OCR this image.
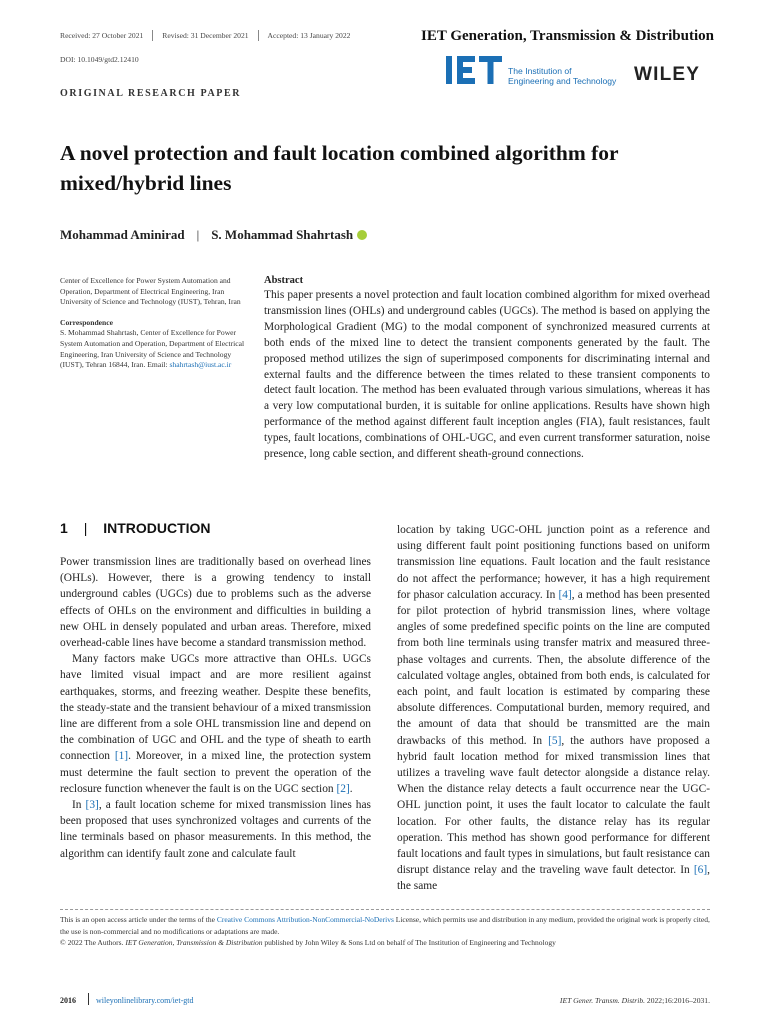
Received: 27 October 2021	Revised: 31 December 2021	Accepted: 13 January 2022	IET Generation, Transmission & Distribution
DOI: 10.1049/gtd2.12410
The Institution of
Engineering and Technology WILEY
ORIGINAL RESEARCH PAPER
A novel protection and fault location combined algorithm for mixed/hybrid lines
Mohammad Aminirad | S. Mohammad Shahrtash

Center of Excellence for Power System Automation and Operation, Department of Electrical Engineering, Iran University of Science and Technology (IUST), Tehran, Iran

Correspondence

S. Mohammad Shahrtash, Center of Excellence for Power System Automation and Operation, Department of Electrical Engineering, Iran University of Science and Technology (IUST), Tehran 16844, Iran. Email: shahrtash@iust.ac.ir

Abstract

This paper presents a novel protection and fault location combined algorithm for mixed overhead transmission lines (OHLs) and underground cables (UGCs). The method is based on applying the Morphological Gradient (MG) to the modal component of synchronized measured currents at both ends of the mixed line to detect the transient components generated by the fault. The proposed method utilizes the sign of superimposed components for discriminating internal and external faults and the difference between the times related to these transient components to detect fault location. The method has been evaluated through various simulations, whereas it has a very low computational burden, it is suitable for online applications. Results have shown high performance of the method against different fault inception angles (FIA), fault resistances, fault types, fault locations, combinations of OHL-UGC, and even current transformer saturation, noise presence, long cable section, and different sheath-ground connections.

1 | INTRODUCTION

Power transmission lines are traditionally based on overhead lines (OHLs). However, there is a growing tendency to install underground cables (UGCs) due to problems such as the adverse effects of OHLs on the environment and difficulties in building a new OHL in densely populated and urban areas. Therefore, mixed overhead-cable lines have become a standard transmission method.

Many factors make UGCs more attractive than OHLs. UGCs have limited visual impact and are more resilient against earthquakes, storms, and freezing weather. Despite these benefits, the steady-state and the transient behaviour of a mixed transmission line are different from a sole OHL transmission line and depend on the combination of UGC and OHL and the type of sheath to earth connection [1]. Moreover, in a mixed line, the protection system must determine the fault section to prevent the operation of the reclosure function whenever the fault is on the UGC section [2].

In [3], a fault location scheme for mixed transmission lines has been proposed that uses synchronized voltages and currents of the line terminals based on phasor measurements. In this method, the algorithm can identify fault zone and calculate fault

location by taking UGC-OHL junction point as a reference and using different fault point positioning functions based on uniform transmission line equations. Fault location and the fault resistance do not affect the performance; however, it has a high requirement for phasor calculation accuracy. In [4], a method has been presented for pilot protection of hybrid transmission lines, where voltage angles of some predefined specific points on the line are computed from both line terminals using transfer matrix and measured three-phase voltages and currents. Then, the absolute difference of the calculated voltage angles, obtained from both ends, is calculated for each point, and fault location is estimated by comparing these absolute differences. Computational burden, memory required, and the amount of data that should be transmitted are the main drawbacks of this method. In [5], the authors have proposed a hybrid fault location method for mixed transmission lines that utilizes a traveling wave fault detector alongside a distance relay. When the distance relay detects a fault occurrence near the UGC-OHL junction point, it uses the fault locator to calculate the fault location. For other faults, the distance relay has its regular operation. This method has shown good performance for different fault locations and fault types in simulations, but fault resistance can disrupt distance relay and the traveling wave fault detector. In [6], the same

This is an open access article under the terms of the Creative Commons Attribution-NonCommercial-NoDerivs License, which permits use and distribution in any medium, provided the original work is properly cited, the use is non-commercial and no modifications or adaptations are made.

© 2022 The Authors. IET Generation, Transmission & Distribution published by John Wiley & Sons Ltd on behalf of The Institution of Engineering and Technology

2016	wileyonlinelibrary.com/iet-gtd	IET Gener. Transm. Distrib. 2022;16:2016–2031.
